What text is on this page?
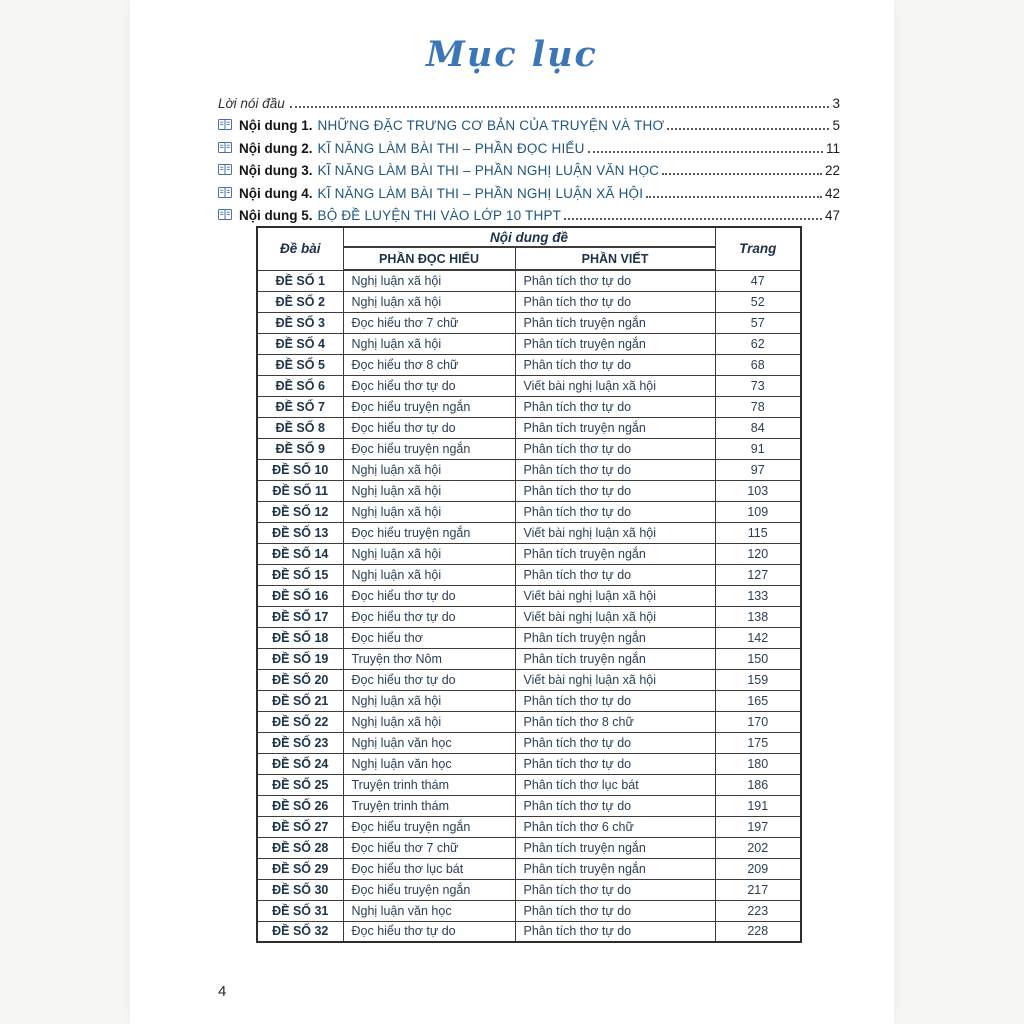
Mục lục
Lời nói đầu	3
Nội dung 1. NHỮNG ĐẶC TRƯNG CƠ BẢN CỦA TRUYỆN VÀ THƠ	5
Nội dung 2. KĨ NĂNG LÀM BÀI THI – PHẦN ĐỌC HIỂU	11
Nội dung 3. KĨ NĂNG LÀM BÀI THI – PHẦN NGHỊ LUẬN VĂN HỌC	22
Nội dung 4. KĨ NĂNG LÀM BÀI THI – PHẦN NGHỊ LUẬN XÃ HỘI	42
Nội dung 5. BỘ ĐỀ LUYỆN THI VÀO LỚP 10 THPT	47
Đề bài	Nội dung đề		Trang
	PHẦN ĐỌC HIỂU	PHẦN VIẾT	
ĐỀ SỐ 1	Nghị luận xã hội	Phân tích thơ tự do	47
ĐỀ SỐ 2	Nghị luận xã hội	Phân tích thơ tự do	52
ĐỀ SỐ 3	Đọc hiểu thơ 7 chữ	Phân tích truyện ngắn	57
ĐỀ SỐ 4	Nghị luận xã hội	Phân tích truyện ngắn	62
ĐỀ SỐ 5	Đọc hiểu thơ 8 chữ	Phân tích thơ tự do	68
ĐỀ SỐ 6	Đọc hiểu thơ tự do	Viết bài nghị luận xã hội	73
ĐỀ SỐ 7	Đọc hiểu truyện ngắn	Phân tích thơ tự do	78
ĐỀ SỐ 8	Đọc hiểu thơ tự do	Phân tích truyện ngắn	84
ĐỀ SỐ 9	Đọc hiểu truyện ngắn	Phân tích thơ tự do	91
ĐỀ SỐ 10	Nghị luận xã hội	Phân tích thơ tự do	97
ĐỀ SỐ 11	Nghị luận xã hội	Phân tích thơ tự do	103
ĐỀ SỐ 12	Nghị luận xã hội	Phân tích thơ tự do	109
ĐỀ SỐ 13	Đọc hiểu truyện ngắn	Viết bài nghị luận xã hội	115
ĐỀ SỐ 14	Nghị luận xã hội	Phân tích truyện ngắn	120
ĐỀ SỐ 15	Nghị luận xã hội	Phân tích thơ tự do	127
ĐỀ SỐ 16	Đọc hiểu thơ tự do	Viết bài nghị luận xã hội	133
ĐỀ SỐ 17	Đọc hiểu thơ tự do	Viết bài nghị luận xã hội	138
ĐỀ SỐ 18	Đọc hiểu thơ	Phân tích truyện ngắn	142
ĐỀ SỐ 19	Truyện thơ Nôm	Phân tích truyện ngắn	150
ĐỀ SỐ 20	Đọc hiểu thơ tự do	Viết bài nghị luận xã hội	159
ĐỀ SỐ 21	Nghị luận xã hội	Phân tích thơ tự do	165
ĐỀ SỐ 22	Nghị luận xã hội	Phân tích thơ 8 chữ	170
ĐỀ SỐ 23	Nghị luận văn học	Phân tích thơ tự do	175
ĐỀ SỐ 24	Nghị luận văn học	Phân tích thơ tự do	180
ĐỀ SỐ 25	Truyện trinh thám	Phân tích thơ lục bát	186
ĐỀ SỐ 26	Truyện trinh thám	Phân tích thơ tự do	191
ĐỀ SỐ 27	Đọc hiểu truyện ngắn	Phân tích thơ 6 chữ	197
ĐỀ SỐ 28	Đọc hiểu thơ 7 chữ	Phân tích truyện ngắn	202
ĐỀ SỐ 29	Đọc hiểu thơ lục bát	Phân tích truyện ngắn	209
ĐỀ SỐ 30	Đọc hiểu truyện ngắn	Phân tích thơ tự do	217
ĐỀ SỐ 31	Nghị luận văn học	Phân tích thơ tự do	223
ĐỀ SỐ 32	Đọc hiểu thơ tự do	Phân tích thơ tự do	228
4
